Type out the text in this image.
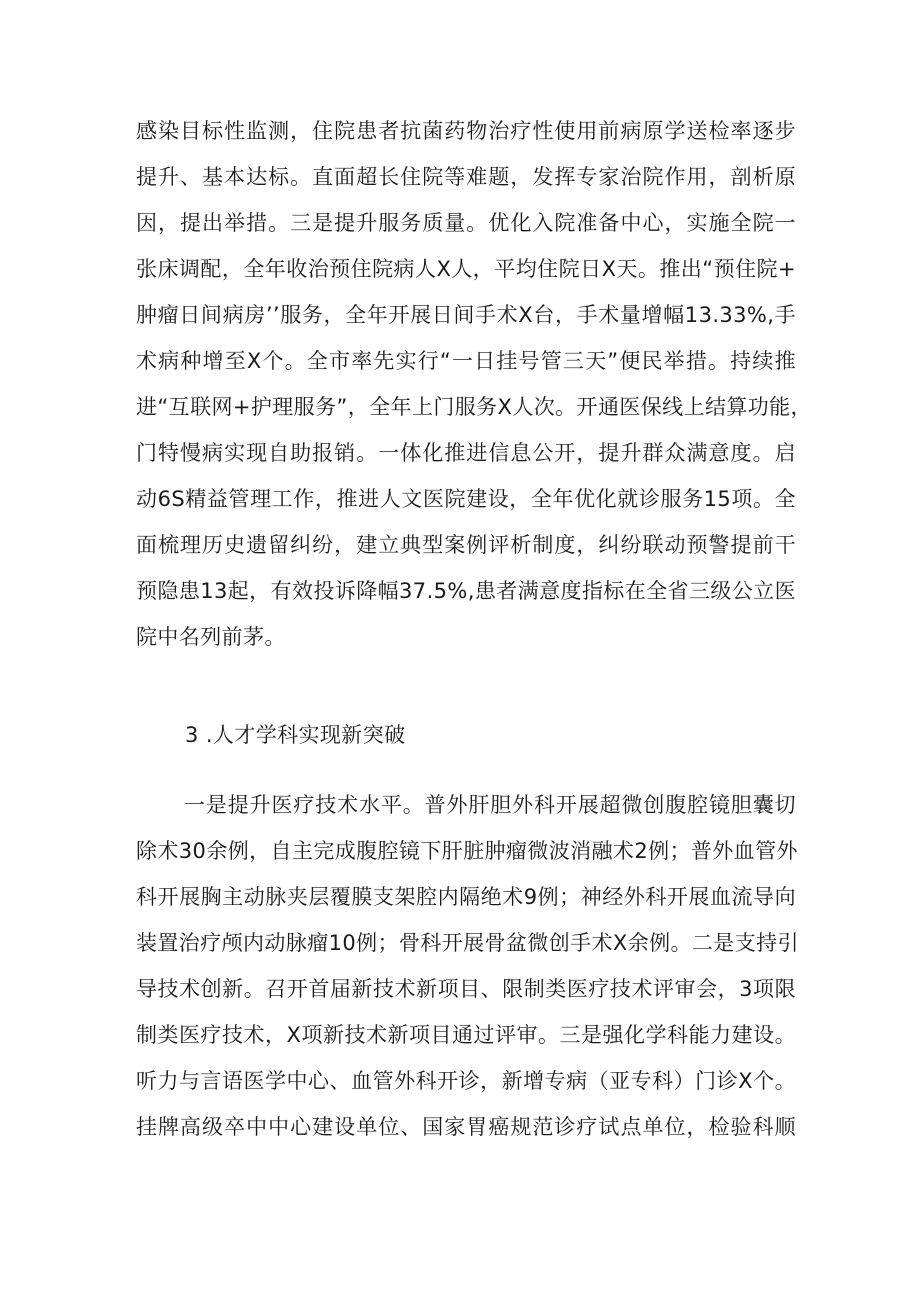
感染目标性监测，住院患者抗菌药物治疗性使用前病原学送检率逐步
提升、基本达标。直面超长住院等难题，发挥专家治院作用，剖析原
因，提出举措。三是提升服务质量。优化入院准备中心，实施全院一
张床调配，全年收治预住院病人X人，平均住院日X天。推出“预住院+
肿瘤日间病房’’服务，全年开展日间手术X台，手术量增幅13.33%,手
术病种增至X个。全市率先实行“一日挂号管三天”便民举措。持续推
进“互联网+护理服务”，全年上门服务X人次。开通医保线上结算功能，
门特慢病实现自助报销。一体化推进信息公开，提升群众满意度。启
动6S精益管理工作，推进人文医院建设，全年优化就诊服务15项。全
面梳理历史遗留纠纷，建立典型案例评析制度，纠纷联动预警提前干
预隐患13起，有效投诉降幅37.5%,患者满意度指标在全省三级公立医
院中名列前茅。
3 .人才学科实现新突破
一是提升医疗技术水平。普外肝胆外科开展超微创腹腔镜胆囊切
除术30余例，自主完成腹腔镜下肝脏肿瘤微波消融术2例；普外血管外
科开展胸主动脉夹层覆膜支架腔内隔绝术9例；神经外科开展血流导向
装置治疗颅内动脉瘤10例；骨科开展骨盆微创手术X余例。二是支持引
导技术创新。召开首届新技术新项目、限制类医疗技术评审会，3项限
制类医疗技术，X项新技术新项目通过评审。三是强化学科能力建设。
听力与言语医学中心、血管外科开诊，新增专病（亚专科）门诊X个。
挂牌高级卒中中心建设单位、国家胃癌规范诊疗试点单位，检验科顺
